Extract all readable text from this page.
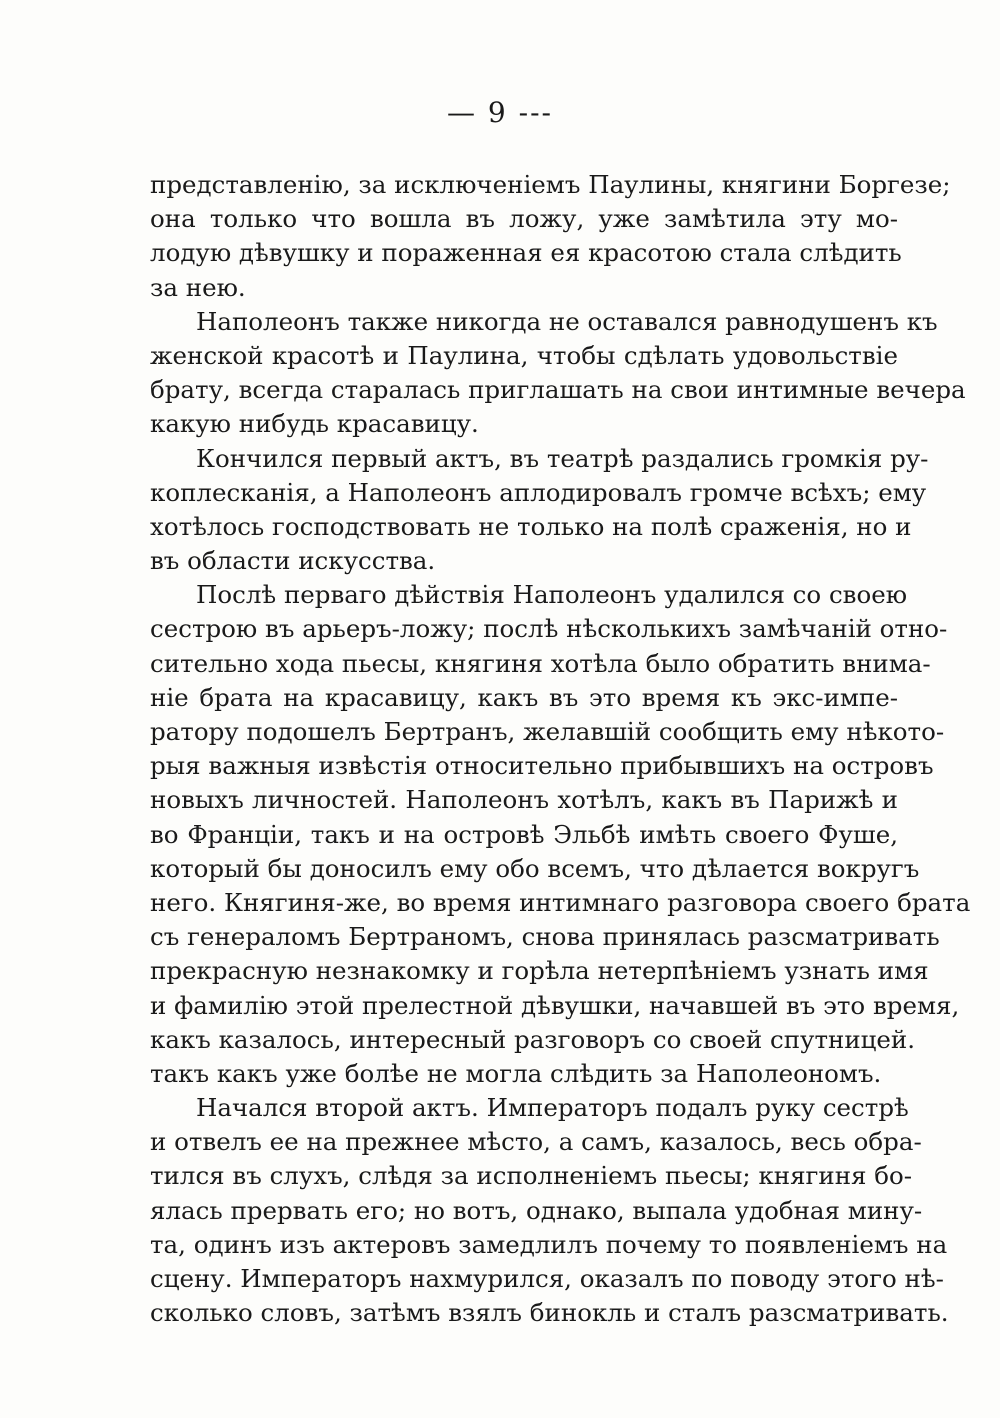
— 9 ---
представленію, за исключеніемъ Паулины, княгини Боргезе;
она только что вошла въ ложу, уже замѣтила эту мо-
лодую дѣвушку и пораженная ея красотою стала слѣдить
за нею.
Наполеонъ также никогда не оставался равнодушенъ къ
женской красотѣ и Паулина, чтобы сдѣлать удовольствіе
брату, всегда старалась приглашать на свои интимные вечера
какую нибудь красавицу.
Кончился первый актъ, въ театрѣ раздались громкія ру-
коплесканія, а Наполеонъ аплодировалъ громче всѣхъ; ему
хотѣлось господствовать не только на полѣ сраженія, но и
въ области искусства.
Послѣ перваго дѣйствія Наполеонъ удалился со своею
сестрою въ арьеръ-ложу; послѣ нѣсколькихъ замѣчаній отно-
сительно хода пьесы, княгиня хотѣла было обратить внима-
ніе брата на красавицу, какъ въ это время къ экс-импе-
ратору подошелъ Бертранъ, желавшій сообщить ему нѣкото-
рыя важныя извѣстія относительно прибывшихъ на островъ
новыхъ личностей. Наполеонъ хотѣлъ, какъ въ Парижѣ и
во Франціи, такъ и на островѣ Эльбѣ имѣть своего Фуше,
который бы доносилъ ему обо всемъ, что дѣлается вокругъ
него. Княгиня-же, во время интимнаго разговора своего брата
съ генераломъ Бертраномъ, снова принялась разсматривать
прекрасную незнакомку и горѣла нетерпѣніемъ узнать имя
и фамилію этой прелестной дѣвушки, начавшей въ это время,
какъ казалось, интересный разговоръ со своей спутницей.
такъ какъ уже болѣе не могла слѣдить за Наполеономъ.
Начался второй актъ. Императоръ подалъ руку сестрѣ
и отвелъ ее на прежнее мѣсто, а самъ, казалось, весь обра-
тился въ слухъ, слѣдя за исполненіемъ пьесы; княгиня бо-
ялась прервать его; но вотъ, однако, выпала удобная мину-
та, одинъ изъ актеровъ замедлилъ почему то появленіемъ на
сцену. Императоръ нахмурился, оказалъ по поводу этого нѣ-
сколько словъ, затѣмъ взялъ бинокль и сталъ разсматривать.
